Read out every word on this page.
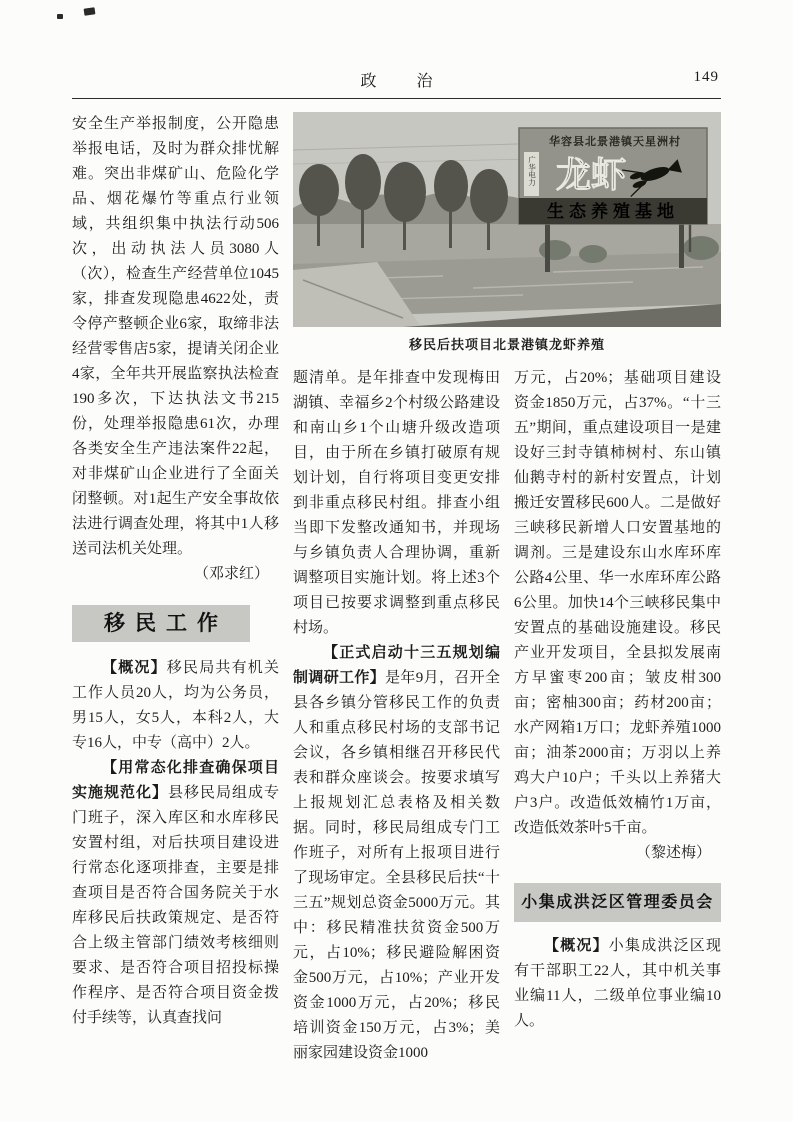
政　治	149

安全生产举报制度，公开隐患举报电话，及时为群众排忧解难。突出非煤矿山、危险化学品、烟花爆竹等重点行业领域，共组织集中执法行动506次，出动执法人员3080人（次），检查生产经营单位1045家，排查发现隐患4622处，责令停产整顿企业6家，取缔非法经营零售店5家，提请关闭企业4家，全年共开展监察执法检查190多次，下达执法文书215份，处理举报隐患61次，办理各类安全生产违法案件22起，对非煤矿山企业进行了全面关闭整顿。对1起生产安全事故依法进行调查处理，将其中1人移送司法机关处理。

（邓求红）

移民工作

【概况】移民局共有机关工作人员20人，均为公务员，男15人，女5人，本科2人，大专16人，中专（高中）2人。

【用常态化排查确保项目实施规范化】县移民局组成专门班子，深入库区和水库移民安置村组，对后扶项目建设进行常态化逐项排查，主要是排查项目是否符合国务院关于水库移民后扶政策规定、是否符合上级主管部门绩效考核细则要求、是否符合项目招投标操作程序、是否符合项目资金拨付手续等，认真查找问

华容县北景港镇天星洲村
广华电力 龙虾
生态养殖基地
移民后扶项目北景港镇龙虾养殖

题清单。是年排查中发现梅田湖镇、幸福乡2个村级公路建设和南山乡1个山塘升级改造项目，由于所在乡镇打破原有规划计划，自行将项目变更安排到非重点移民村组。排查小组当即下发整改通知书，并现场与乡镇负责人合理协调，重新调整项目实施计划。将上述3个项目已按要求调整到重点移民村场。

【正式启动十三五规划编制调研工作】是年9月，召开全县各乡镇分管移民工作的负责人和重点移民村场的支部书记会议，各乡镇相继召开移民代表和群众座谈会。按要求填写上报规划汇总表格及相关数据。同时，移民局组成专门工作班子，对所有上报项目进行了现场审定。全县移民后扶“十三五”规划总资金5000万元。其中：移民精准扶贫资金500万元，占10%；移民避险解困资金500万元，占10%；产业开发资金1000万元，占20%；移民培训资金150万元，占3%；美丽家园建设资金1000

万元，占20%；基础项目建设资金1850万元，占37%。“十三五”期间，重点建设项目一是建设好三封寺镇柿树村、东山镇仙鹅寺村的新村安置点，计划搬迁安置移民600人。二是做好三峡移民新增人口安置基地的调剂。三是建设东山水库环库公路4公里、华一水库环库公路6公里。加快14个三峡移民集中安置点的基础设施建设。移民产业开发项目，全县拟发展南方早蜜枣200亩；皱皮柑300亩；密柚300亩；药材200亩；水产网箱1万口；龙虾养殖1000亩；油茶2000亩；万羽以上养鸡大户10户；千头以上养猪大户3户。改造低效楠竹1万亩，改造低效茶叶5千亩。

（黎述梅）

小集成洪泛区管理委员会

【概况】小集成洪泛区现有干部职工22人，其中机关事业编11人，二级单位事业编10人。
